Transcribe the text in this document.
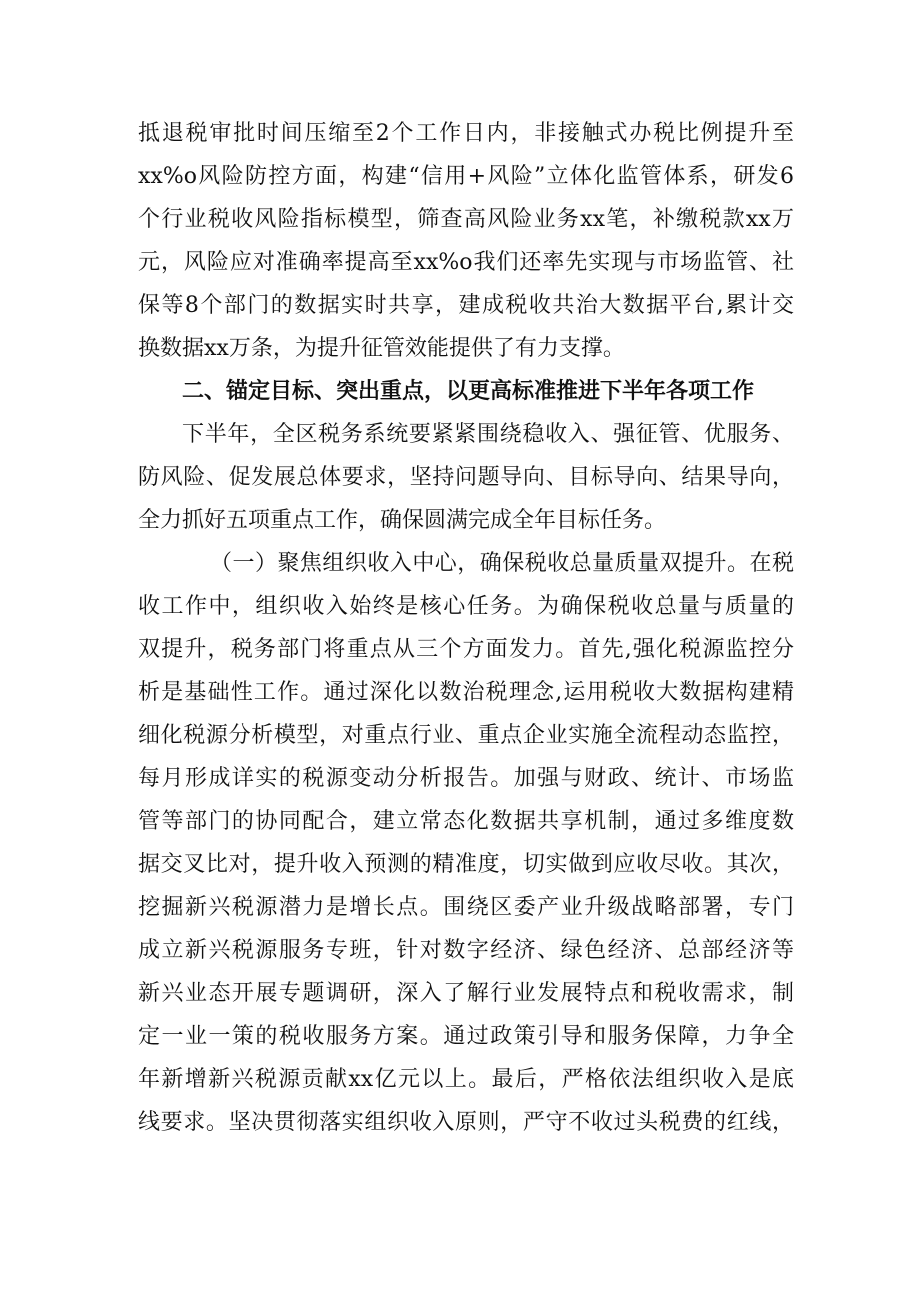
抵退税审批时间压缩至2个工作日内，非接触式办税比例提升至
xx%o风险防控方面，构建“信用+风险”立体化监管体系，研发6
个行业税收风险指标模型，筛查高风险业务xx笔，补缴税款xx万
元，风险应对准确率提高至xx%o我们还率先实现与市场监管、社
保等8个部门的数据实时共享，建成税收共治大数据平台,累计交
换数据xx万条，为提升征管效能提供了有力支撑。
二、锚定目标、突出重点，以更高标准推进下半年各项工作
下半年，全区税务系统要紧紧围绕稳收入、强征管、优服务、
防风险、促发展总体要求，坚持问题导向、目标导向、结果导向，
全力抓好五项重点工作，确保圆满完成全年目标任务。
（一）聚焦组织收入中心，确保税收总量质量双提升。在税
收工作中，组织收入始终是核心任务。为确保税收总量与质量的
双提升，税务部门将重点从三个方面发力。首先,强化税源监控分
析是基础性工作。通过深化以数治税理念,运用税收大数据构建精
细化税源分析模型，对重点行业、重点企业实施全流程动态监控，
每月形成详实的税源变动分析报告。加强与财政、统计、市场监
管等部门的协同配合，建立常态化数据共享机制，通过多维度数
据交叉比对，提升收入预测的精准度，切实做到应收尽收。其次，
挖掘新兴税源潜力是增长点。围绕区委产业升级战略部署，专门
成立新兴税源服务专班，针对数字经济、绿色经济、总部经济等
新兴业态开展专题调研，深入了解行业发展特点和税收需求，制
定一业一策的税收服务方案。通过政策引导和服务保障，力争全
年新增新兴税源贡献xx亿元以上。最后，严格依法组织收入是底
线要求。坚决贯彻落实组织收入原则，严守不收过头税费的红线，
